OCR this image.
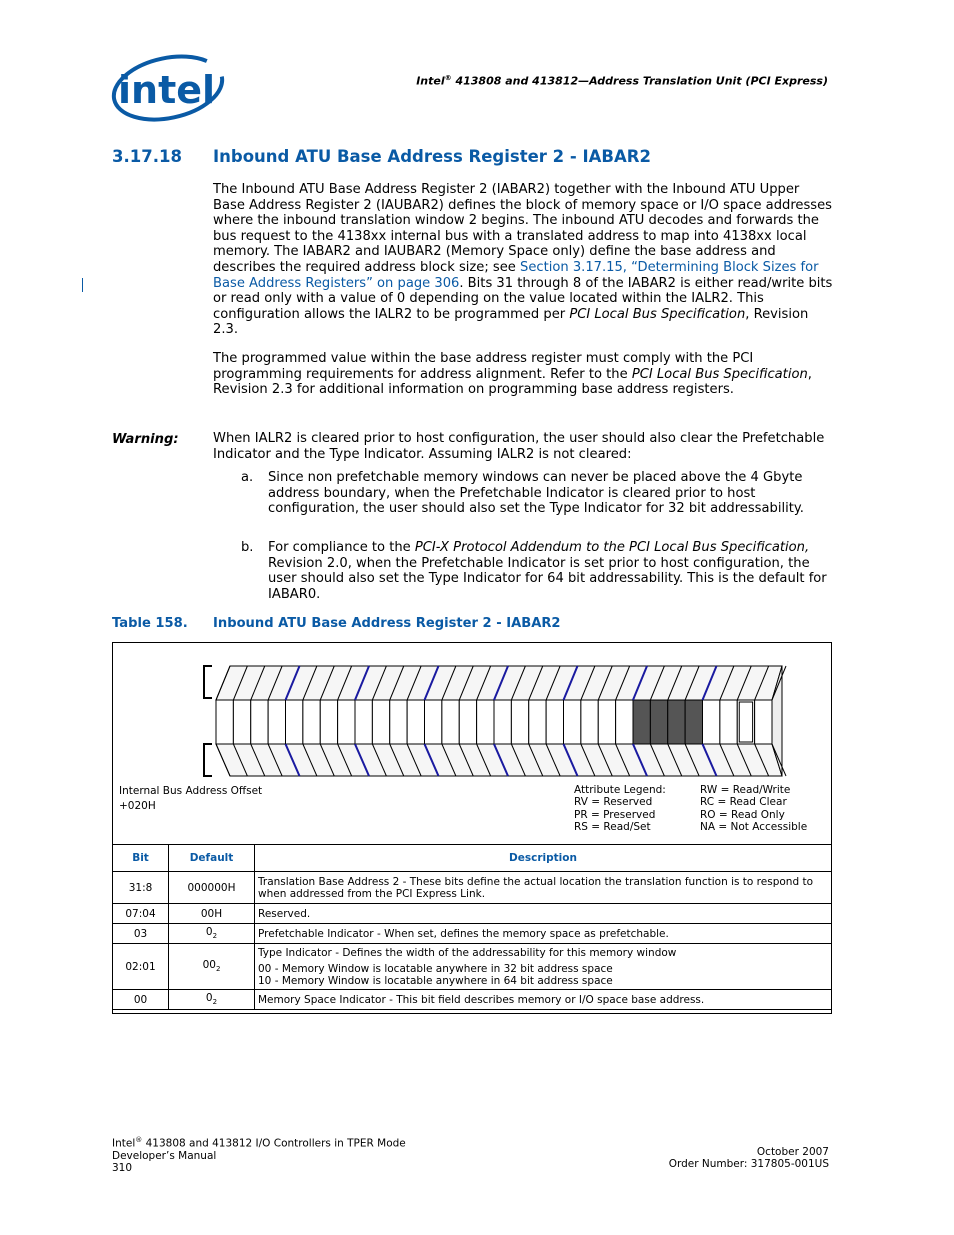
intel	Intel® 413808 and 413812—Address Translation Unit (PCI Express)
3.17.18 Inbound ATU Base Address Register 2 - IABAR2
The Inbound ATU Base Address Register 2 (IABAR2) together with the Inbound ATU Upper Base Address Register 2 (IAUBAR2) defines the block of memory space or I/O space addresses where the inbound translation window 2 begins. The inbound ATU decodes and forwards the bus request to the 4138xx internal bus with a translated address to map into 4138xx local memory. The IABAR2 and IAUBAR2 (Memory Space only) define the base address and describes the required address block size; see Section 3.17.15, “Determining Block Sizes for Base Address Registers” on page 306. Bits 31 through 8 of the IABAR2 is either read/write bits or read only with a value of 0 depending on the value located within the IALR2. This configuration allows the IALR2 to be programmed per PCI Local Bus Specification, Revision 2.3.
The programmed value within the base address register must comply with the PCI programming requirements for address alignment. Refer to the PCI Local Bus Specification, Revision 2.3 for additional information on programming base address registers.
Warning:	When IALR2 is cleared prior to host configuration, the user should also clear the Prefetchable Indicator and the Type Indicator. Assuming IALR2 is not cleared:
a. Since non prefetchable memory windows can never be placed above the 4 Gbyte address boundary, when the Prefetchable Indicator is cleared prior to host configuration, the user should also set the Type Indicator for 32 bit addressability.
b. For compliance to the PCI-X Protocol Addendum to the PCI Local Bus Specification, Revision 2.0, when the Prefetchable Indicator is set prior to host configuration, the user should also set the Type Indicator for 64 bit addressability. This is the default for IABAR0.
Table 158. Inbound ATU Base Address Register 2 - IABAR2
Internal Bus Address Offset
+020H
Attribute Legend:
RV = Reserved
PR = Preserved
RS = Read/Set
RW = Read/Write
RC = Read Clear
RO = Read Only
NA = Not Accessible
Bit	Default	Description
31:8	000000H	Translation Base Address 2 - These bits define the actual location the translation function is to respond to when addressed from the PCI Express Link.
07:04	00H	Reserved.
03	$0_2$	Prefetchable Indicator - When set, defines the memory space as prefetchable.
02:01	$00_2$	Type Indicator - Defines the width of the addressability for this memory window
00 - Memory Window is locatable anywhere in 32 bit address space
10 - Memory Window is locatable anywhere in 64 bit address space

00	$0_2$	Memory Space Indicator - This bit field describes memory or I/O space base address.
Intel® 413808 and 413812 I/O Controllers in TPER Mode
Developer’s Manual
310
October 2007
Order Number: 317805-001US
